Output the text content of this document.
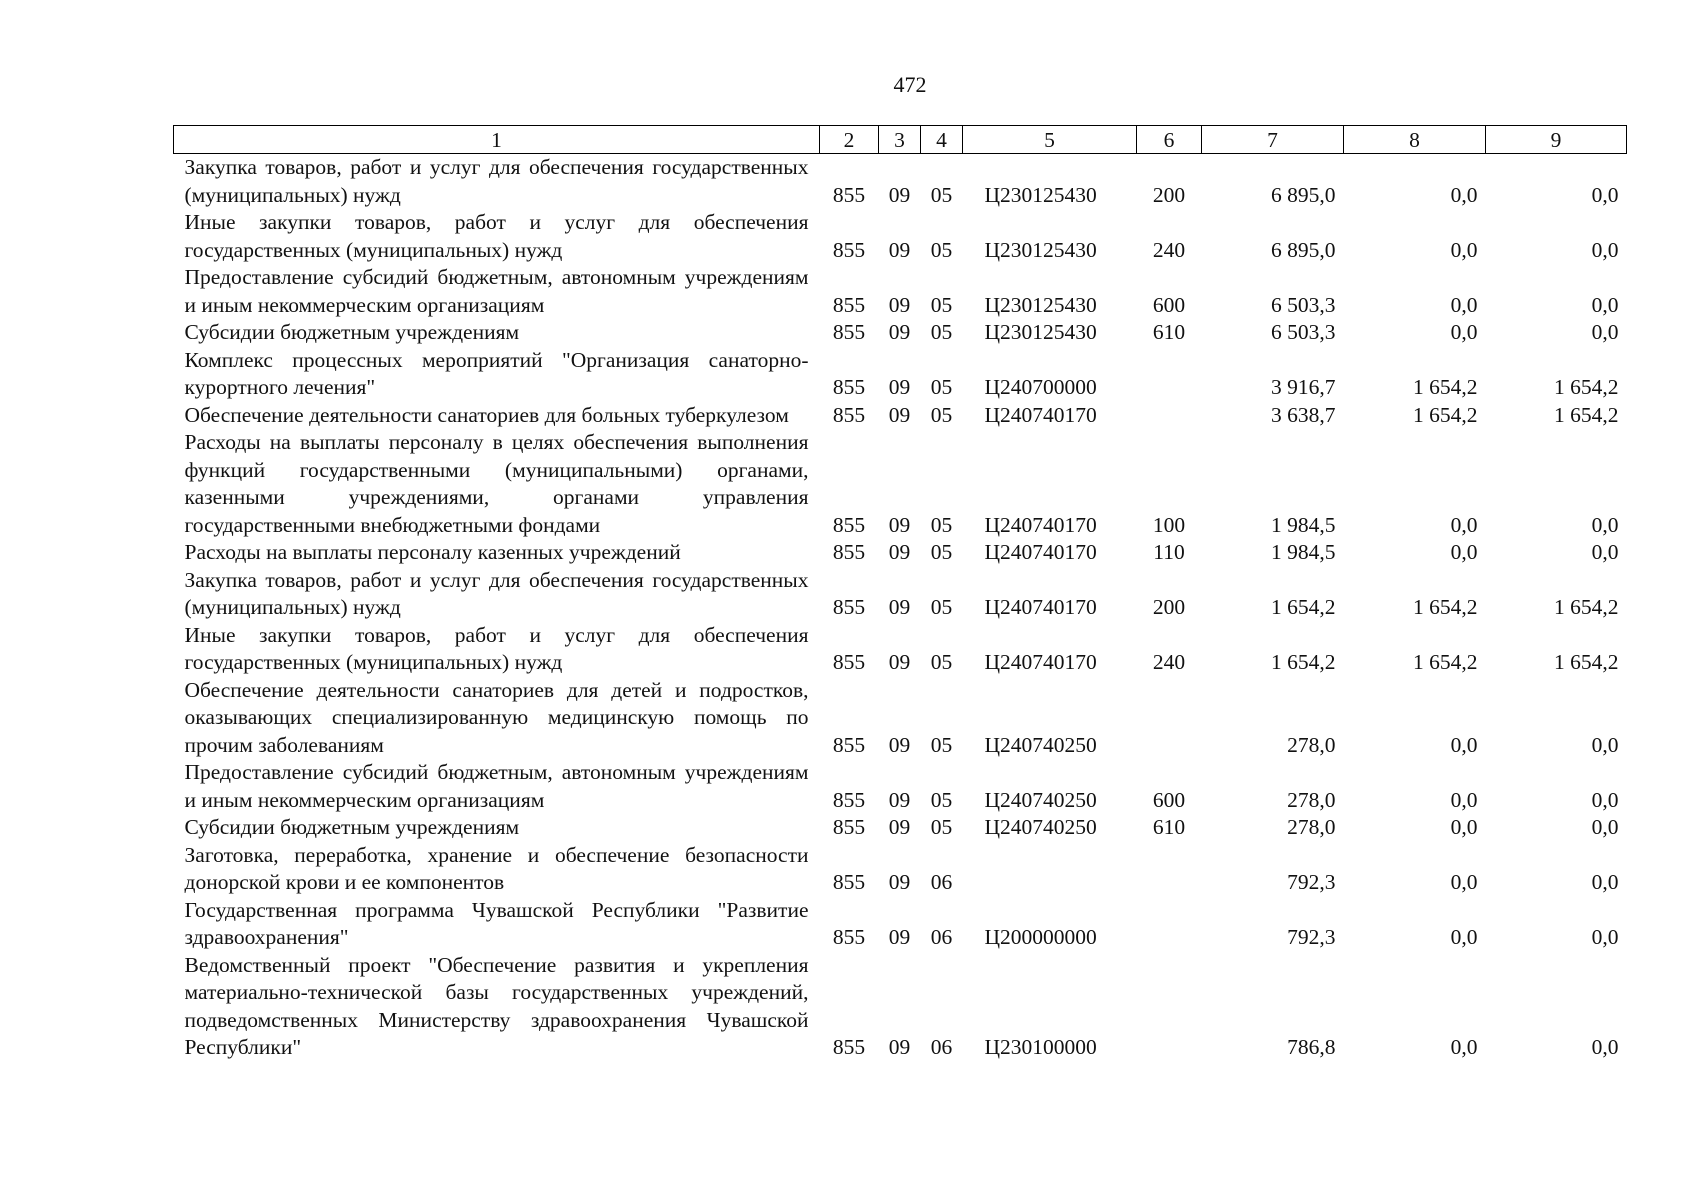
472
1	2	3	4	5	6	7	8	9
Закупка товаров, работ и услуг для обеспечения государственных (муниципальных) нужд	855	09	05	Ц230125430	200	6 895,0	0,0	0,0
Иные закупки товаров, работ и услуг для обеспечения государственных (муниципальных) нужд	855	09	05	Ц230125430	240	6 895,0	0,0	0,0
Предоставление субсидий бюджетным, автономным учреждениям и иным некоммерческим организациям	855	09	05	Ц230125430	600	6 503,3	0,0	0,0
Субсидии бюджетным учреждениям	855	09	05	Ц230125430	610	6 503,3	0,0	0,0
Комплекс процессных мероприятий "Организация санаторно-курортного лечения"	855	09	05	Ц240700000		3 916,7	1 654,2	1 654,2
Обеспечение деятельности санаториев для больных туберкулезом	855	09	05	Ц240740170		3 638,7	1 654,2	1 654,2
Расходы на выплаты персоналу в целях обеспечения выполнения функций государственными (муниципальными) органами, казенными учреждениями, органами управления государственными внебюджетными фондами	855	09	05	Ц240740170	100	1 984,5	0,0	0,0
Расходы на выплаты персоналу казенных учреждений	855	09	05	Ц240740170	110	1 984,5	0,0	0,0
Закупка товаров, работ и услуг для обеспечения государственных (муниципальных) нужд	855	09	05	Ц240740170	200	1 654,2	1 654,2	1 654,2
Иные закупки товаров, работ и услуг для обеспечения государственных (муниципальных) нужд	855	09	05	Ц240740170	240	1 654,2	1 654,2	1 654,2
Обеспечение деятельности санаториев для детей и подростков, оказывающих специализированную медицинскую помощь по прочим заболеваниям	855	09	05	Ц240740250		278,0	0,0	0,0
Предоставление субсидий бюджетным, автономным учреждениям и иным некоммерческим организациям	855	09	05	Ц240740250	600	278,0	0,0	0,0
Субсидии бюджетным учреждениям	855	09	05	Ц240740250	610	278,0	0,0	0,0
Заготовка, переработка, хранение и обеспечение безопасности донорской крови и ее компонентов	855	09	06			792,3	0,0	0,0
Государственная программа Чувашской Республики "Развитие здравоохранения"	855	09	06	Ц200000000		792,3	0,0	0,0
Ведомственный проект "Обеспечение развития и укрепления материально-технической базы государственных учреждений, подведомственных Министерству здравоохранения Чувашской Республики"	855	09	06	Ц230100000		786,8	0,0	0,0
